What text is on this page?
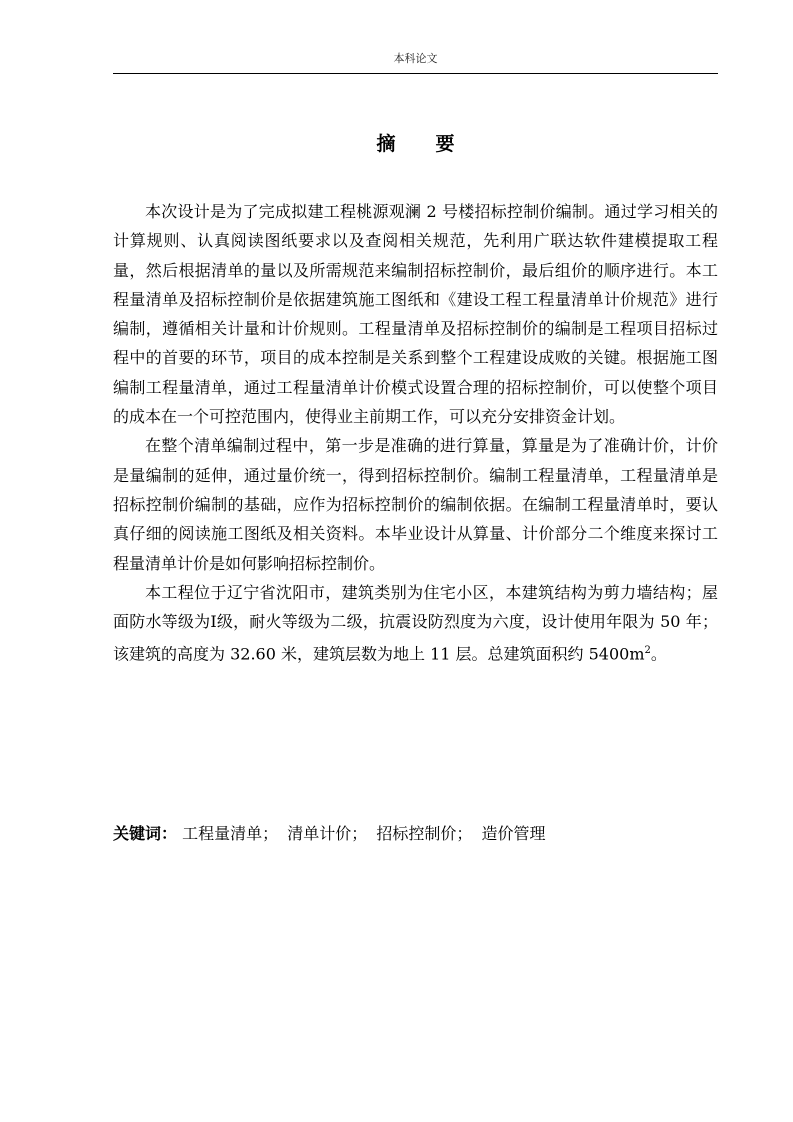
本科论文
摘要

本次设计是为了完成拟建工程桃源观澜 2 号楼招标控制价编制。通过学习相关的计算规则、认真阅读图纸要求以及查阅相关规范，先利用广联达软件建模提取工程量，然后根据清单的量以及所需规范来编制招标控制价，最后组价的顺序进行。本工程量清单及招标控制价是依据建筑施工图纸和《建设工程工程量清单计价规范》进行编制，遵循相关计量和计价规则。工程量清单及招标控制价的编制是工程项目招标过程中的首要的环节，项目的成本控制是关系到整个工程建设成败的关键。根据施工图编制工程量清单，通过工程量清单计价模式设置合理的招标控制价，可以使整个项目的成本在一个可控范围内，使得业主前期工作，可以充分安排资金计划。

在整个清单编制过程中，第一步是准确的进行算量，算量是为了准确计价，计价是量编制的延伸，通过量价统一，得到招标控制价。编制工程量清单，工程量清单是招标控制价编制的基础，应作为招标控制价的编制依据。在编制工程量清单时，要认真仔细的阅读施工图纸及相关资料。本毕业设计从算量、计价部分二个维度来探讨工程量清单计价是如何影响招标控制价。

本工程位于辽宁省沈阳市，建筑类别为住宅小区，本建筑结构为剪力墙结构；屋面防水等级为Ⅰ级，耐火等级为二级，抗震设防烈度为六度，设计使用年限为 50 年；该建筑的高度为 32.60 米，建筑层数为地上 11 层。总建筑面积约 $5400m^2$。

关键词： 工程量清单； 清单计价； 招标控制价； 造价管理
